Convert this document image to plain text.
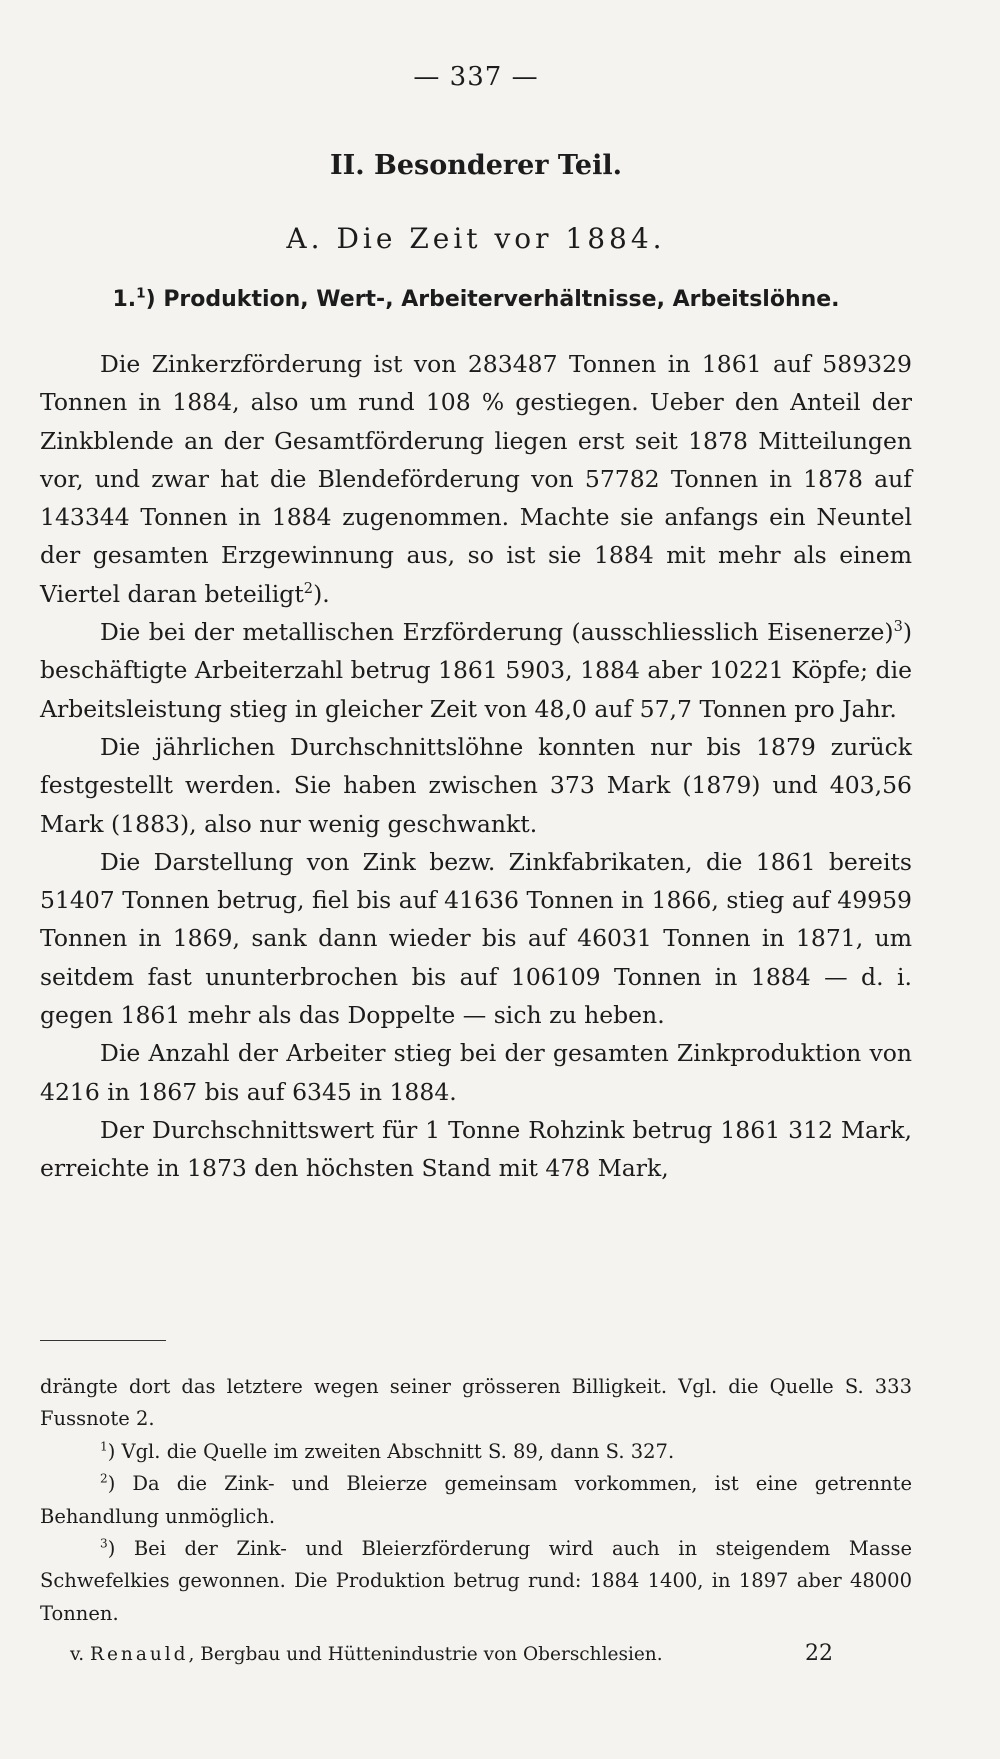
— 337 —
II. Besonderer Teil.
A. Die Zeit vor 1884.
1.$^1$) Produktion, Wert-, Arbeiterverhältnisse, Arbeitslöhne.

Die Zinkerzförderung ist von 283487 Tonnen in 1861 auf 589329 Tonnen in 1884, also um rund 108 % gestiegen. Ueber den Anteil der Zinkblende an der Gesamtförderung liegen erst seit 1878 Mitteilungen vor, und zwar hat die Blendeförderung von 57782 Tonnen in 1878 auf 143344 Tonnen in 1884 zugenommen. Machte sie anfangs ein Neuntel der gesamten Erzgewinnung aus, so ist sie 1884 mit mehr als einem Viertel daran beteiligt$^2$).

Die bei der metallischen Erzförderung (ausschliesslich Eisenerze)$^3$) beschäftigte Arbeiterzahl betrug 1861 5903, 1884 aber 10221 Köpfe; die Arbeitsleistung stieg in gleicher Zeit von 48,0 auf 57,7 Tonnen pro Jahr.

Die jährlichen Durchschnittslöhne konnten nur bis 1879 zurück festgestellt werden. Sie haben zwischen 373 Mark (1879) und 403,56 Mark (1883), also nur wenig geschwankt.

Die Darstellung von Zink bezw. Zinkfabrikaten, die 1861 bereits 51407 Tonnen betrug, fiel bis auf 41636 Tonnen in 1866, stieg auf 49959 Tonnen in 1869, sank dann wieder bis auf 46031 Tonnen in 1871, um seitdem fast ununterbrochen bis auf 106109 Tonnen in 1884 — d. i. gegen 1861 mehr als das Doppelte — sich zu heben.

Die Anzahl der Arbeiter stieg bei der gesamten Zinkproduktion von 4216 in 1867 bis auf 6345 in 1884.

Der Durchschnittswert für 1 Tonne Rohzink betrug 1861 312 Mark, erreichte in 1873 den höchsten Stand mit 478 Mark,

drängte dort das letztere wegen seiner grösseren Billigkeit. Vgl. die Quelle S. 333 Fussnote 2.

$^1$) Vgl. die Quelle im zweiten Abschnitt S. 89, dann S. 327.

$^2$) Da die Zink- und Bleierze gemeinsam vorkommen, ist eine getrennte Behandlung unmöglich.

$^3$) Bei der Zink- und Bleierzförderung wird auch in steigendem Masse Schwefelkies gewonnen. Die Produktion betrug rund: 1884 1400, in 1897 aber 48000 Tonnen.

v. Renauld, Bergbau und Hüttenindustrie von Oberschlesien.	22
